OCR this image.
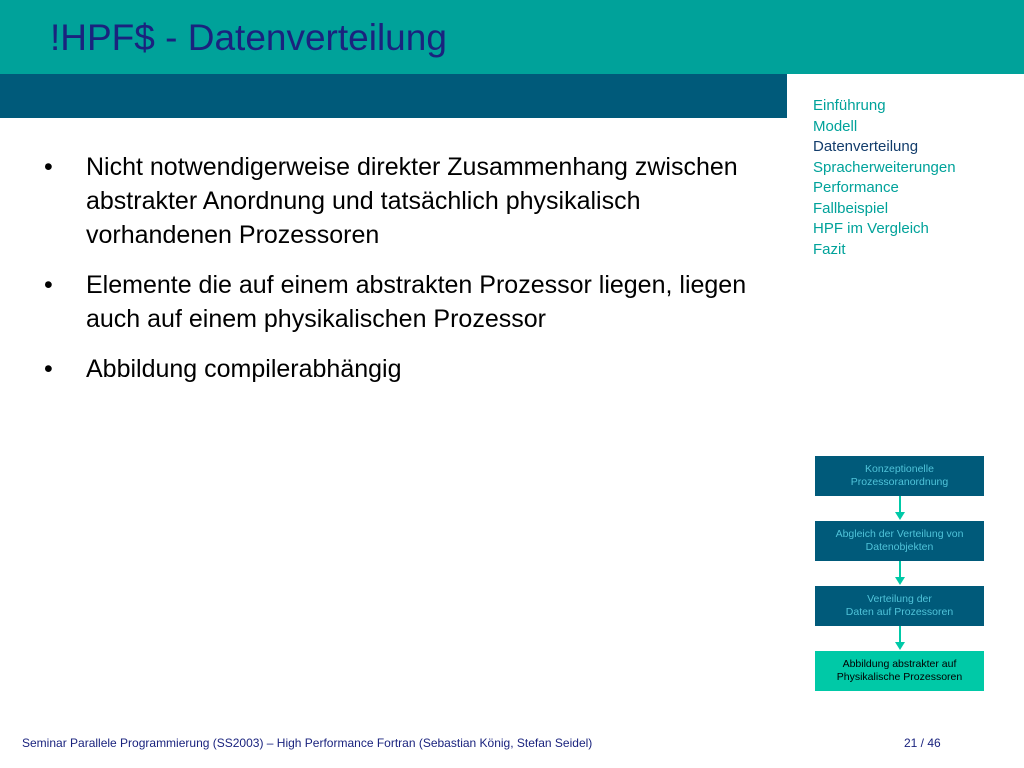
!HPF$ - Datenverteilung
Einführung
Modell
Datenverteilung
Spracherweiterungen
Performance
Fallbeispiel
HPF im Vergleich
Fazit
•	Nicht notwendigerweise direkter Zusammenhang zwischen abstrakter Anordnung und tatsächlich physikalisch vorhandenen Prozessoren
•	Elemente die auf einem abstrakten Prozessor liegen, liegen auch auf einem physikalischen Prozessor
•	Abbildung compilerabhängig
Konzeptionelle
Prozessoranordnung
Abgleich der Verteilung von
Datenobjekten
Verteilung der
Daten auf Prozessoren
Abbildung abstrakter auf
Physikalische Prozessoren
Seminar Parallele Programmierung (SS2003) – High Performance Fortran (Sebastian König, Stefan Seidel)	21 / 46
